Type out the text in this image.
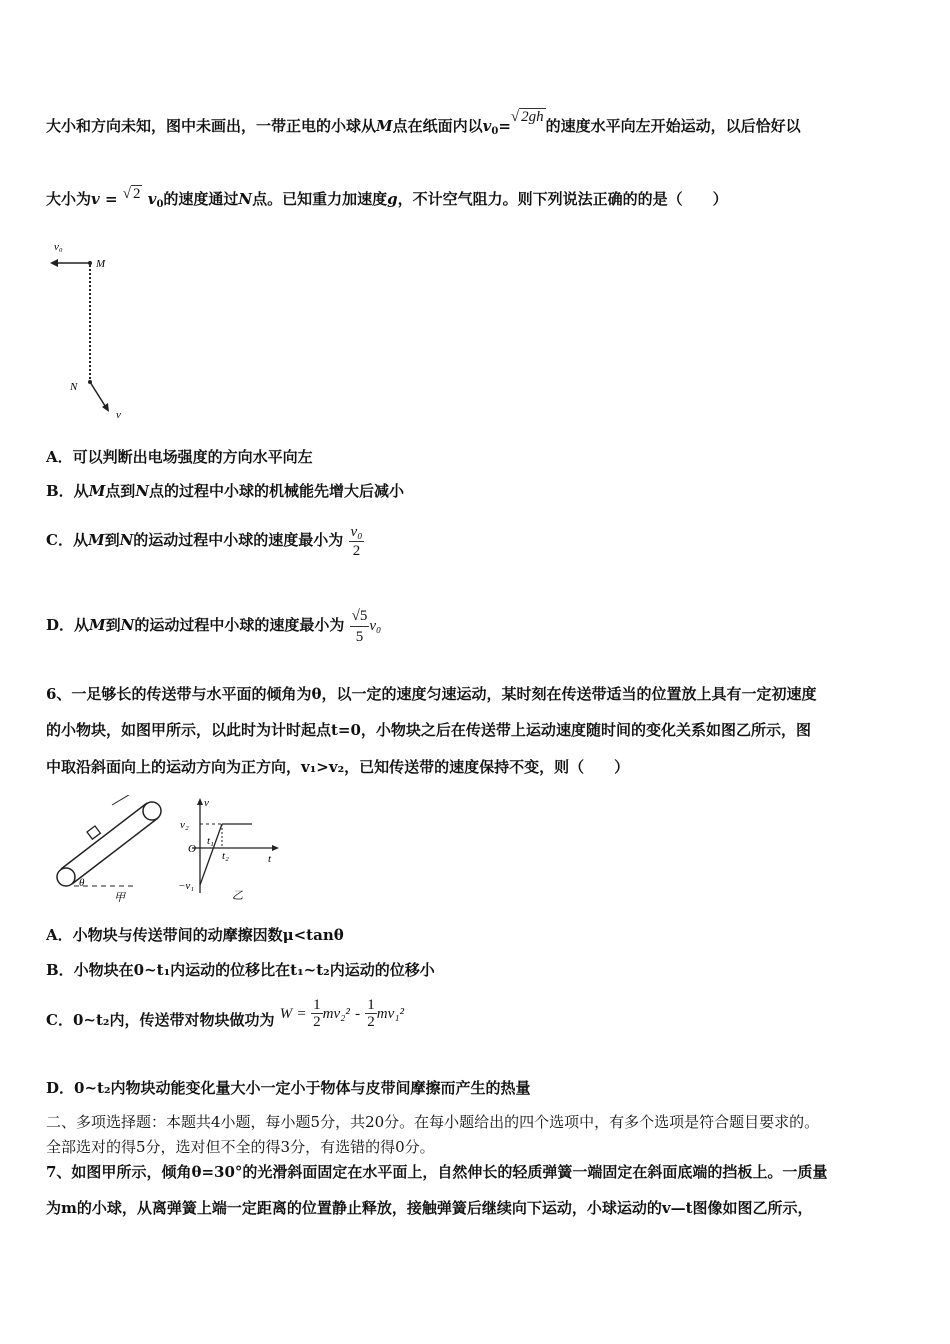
大小和方向未知，图中未画出，一带正电的小球从M点在纸面内以$v_0=√$ 2gh 的速度水平向左开始运动，以后恰好以
大小为v = √ 2 $v_0$的速度通过N点。已知重力加速度g，不计空气阻力。则下列说法正确的的是（　　）
v₀
M
N
v
A．可以判断出电场强度的方向水平向左
B．从M点到N点的过程中小球的机械能先增大后减小
C．从M到N的运动过程中小球的速度最小为 $\frac{\text{v₀}}{2}$
D．从M到N的运动过程中小球的速度最小为 $\frac{√5}{5} v_0$
6、一足够长的传送带与水平面的倾角为θ，以一定的速度匀速运动，某时刻在传送带适当的位置放上具有一定初速度
的小物块，如图甲所示，以此时为计时起点t=0，小物块之后在传送带上运动速度随时间的变化关系如图乙所示，图
中取沿斜面向上的运动方向为正方向，v₁>v₂，已知传送带的速度保持不变，则（　　）
θ
甲
v
v₂
O
−v₁
t₁
t₂	t
乙
A．小物块与传送带间的动摩擦因数μ<tanθ
B．小物块在0~t₁内运动的位移比在t₁~t₂内运动的位移小
C．0~t₂内，传送带对物块做功为 $W = \frac{1}{2} mv_2^2 - \frac{1}{2} mv_1^2$
D．0~t₂内物块动能变化量大小一定小于物体与皮带间摩擦而产生的热量
二、多项选择题：本题共4小题，每小题5分，共20分。在每小题给出的四个选项中，有多个选项是符合题目要求的。
全部选对的得5分，选对但不全的得3分，有选错的得0分。
7、如图甲所示，倾角θ=30°的光滑斜面固定在水平面上，自然伸长的轻质弹簧一端固定在斜面底端的挡板上。一质量
为m的小球，从离弹簧上端一定距离的位置静止释放，接触弹簧后继续向下运动，小球运动的v—t图像如图乙所示，
